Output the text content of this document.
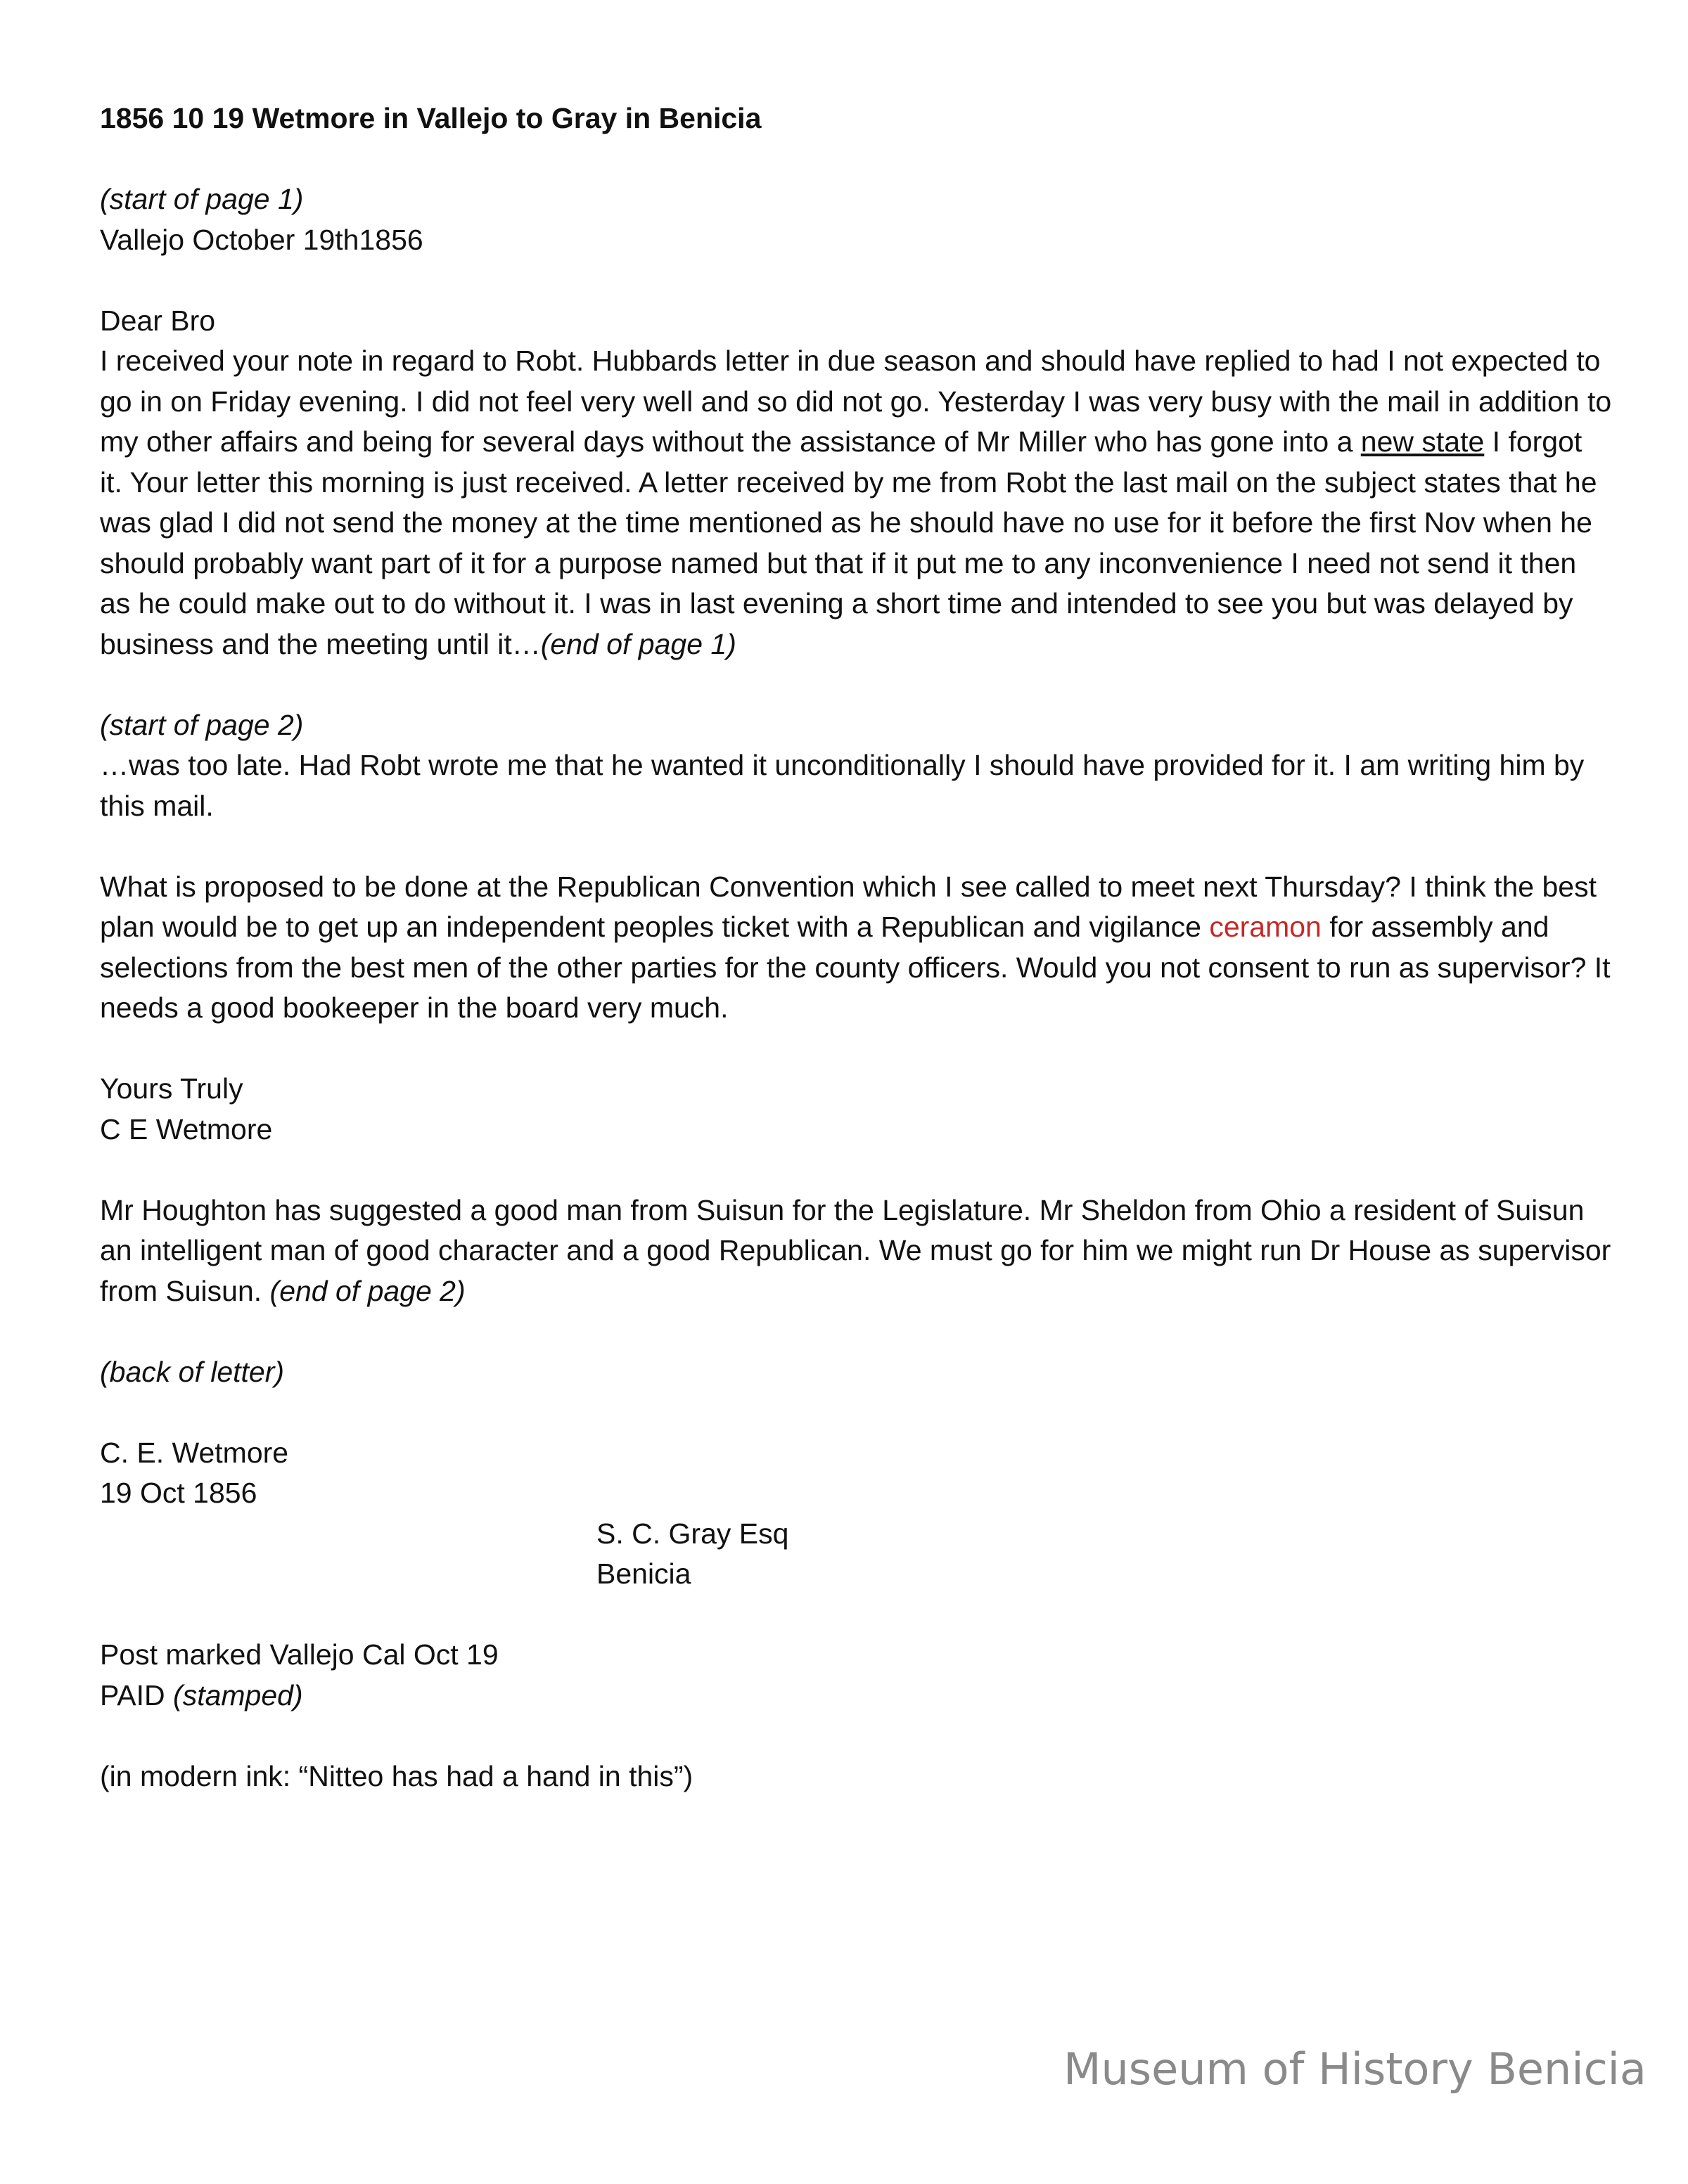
1856 10 19 Wetmore in Vallejo to Gray in Benicia

(start of page 1)

Vallejo October 19th1856

Dear Bro

I received your note in regard to Robt. Hubbards letter in due season and should have replied to had I not expected to go in on Friday evening. I did not feel very well and so did not go. Yesterday I was very busy with the mail in addition to my other affairs and being for several days without the assistance of Mr Miller who has gone into a new state I forgot it. Your letter this morning is just received. A letter received by me from Robt the last mail on the subject states that he was glad I did not send the money at the time mentioned as he should have no use for it before the first Nov when he should probably want part of it for a purpose named but that if it put me to any inconvenience I need not send it then as he could make out to do without it. I was in last evening a short time and intended to see you but was delayed by business and the meeting until it…(end of page 1)

(start of page 2)

…was too late. Had Robt wrote me that he wanted it unconditionally I should have provided for it. I am writing him by this mail.

What is proposed to be done at the Republican Convention which I see called to meet next Thursday? I think the best plan would be to get up an independent peoples ticket with a Republican and vigilance ceramon for assembly and selections from the best men of the other parties for the county officers. Would you not consent to run as supervisor? It needs a good bookeeper in the board very much.

Yours Truly

C E Wetmore

Mr Houghton has suggested a good man from Suisun for the Legislature. Mr Sheldon from Ohio a resident of Suisun an intelligent man of good character and a good Republican. We must go for him we might run Dr House as supervisor from Suisun. (end of page 2)

(back of letter)

C. E. Wetmore

19 Oct 1856

S. C. Gray Esq

Benicia

Post marked Vallejo Cal Oct 19

PAID (stamped)

(in modern ink: “Nitteo has had a hand in this”)

Museum of History Benicia
